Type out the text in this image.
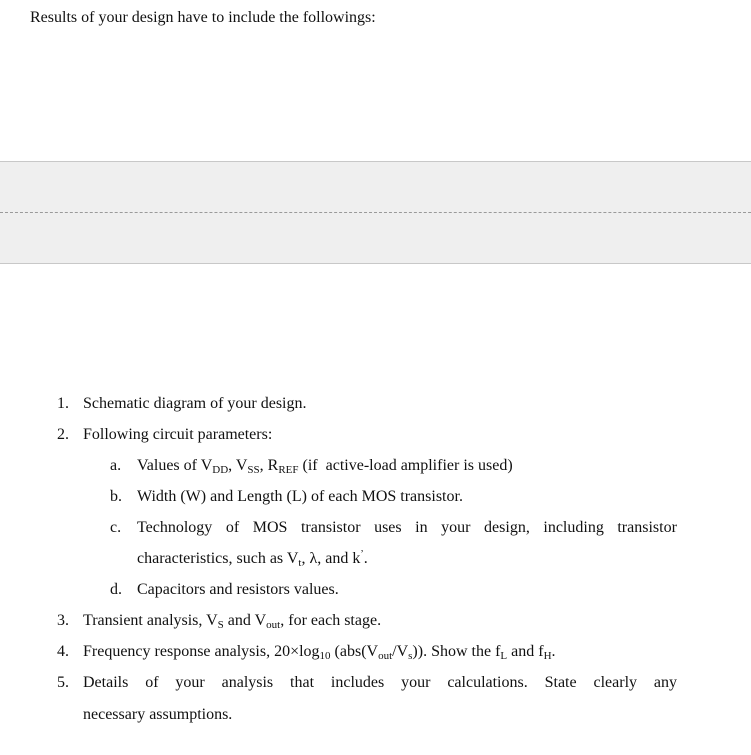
Results of your design have to include the followings:
1. Schematic diagram of your design.
2. Following circuit parameters:
a. Values of $V_{DD}$, $V_{SS}$, $R_{REF}$ (if  active-load amplifier is used)
b. Width (W) and Length (L) of each MOS transistor.
c. Technology of MOS transistor uses in your design, including transistor
characteristics, such as $V_t$, λ, and k’.
d. Capacitors and resistors values.
3. Transient analysis, $V_S$ and $V_{out}$, for each stage.
4. Frequency response analysis, $20\times\log_{10}$ $(abs(V_{out}/V_s))$. Show the $f_L$ and $f_H$.
5. Details of your analysis that includes your calculations. State clearly any
necessary assumptions.
